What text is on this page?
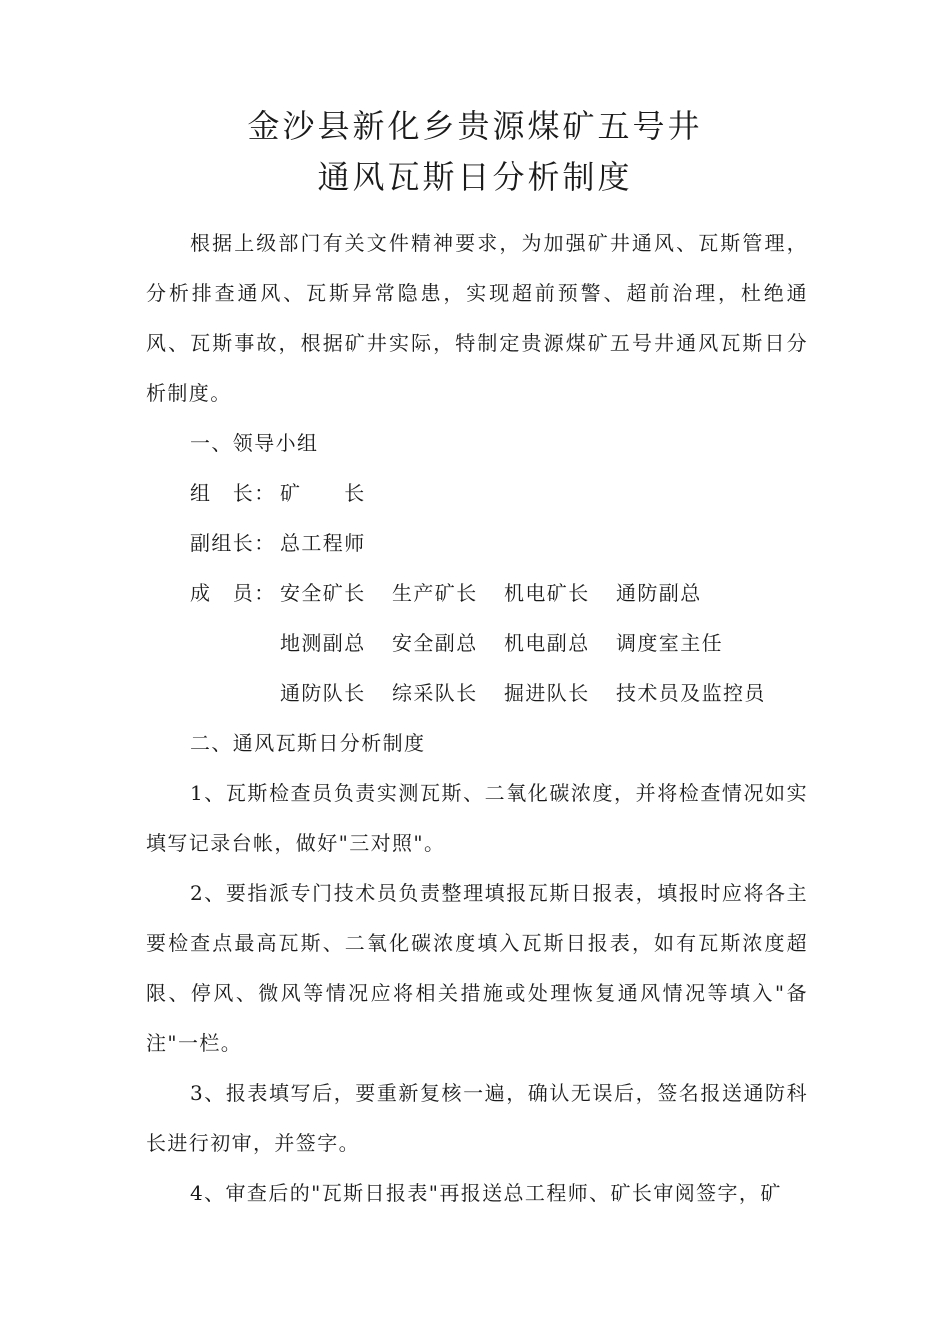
金沙县新化乡贵源煤矿五号井
通风瓦斯日分析制度

根据上级部门有关文件精神要求，为加强矿井通风、瓦斯管理，分析排查通风、瓦斯异常隐患，实现超前预警、超前治理，杜绝通风、瓦斯事故，根据矿井实际，特制定贵源煤矿五号井通风瓦斯日分析制度。

一、领导小组

组　长： 矿　　长

副组长： 总工程师

成　员： 安全矿长 生产矿长 机电矿长 通防副总
地测副总 安全副总 机电副总 调度室主任
通防队长 综采队长 掘进队长 技术员及监控员

二、通风瓦斯日分析制度

1、瓦斯检查员负责实测瓦斯、二氧化碳浓度，并将检查情况如实填写记录台帐，做好"三对照"。

2、要指派专门技术员负责整理填报瓦斯日报表，填报时应将各主要检查点最高瓦斯、二氧化碳浓度填入瓦斯日报表，如有瓦斯浓度超限、停风、微风等情况应将相关措施或处理恢复通风情况等填入"备注"一栏。

3、报表填写后，要重新复核一遍，确认无误后，签名报送通防科长进行初审，并签字。

4、审查后的"瓦斯日报表"再报送总工程师、矿长审阅签字，矿
